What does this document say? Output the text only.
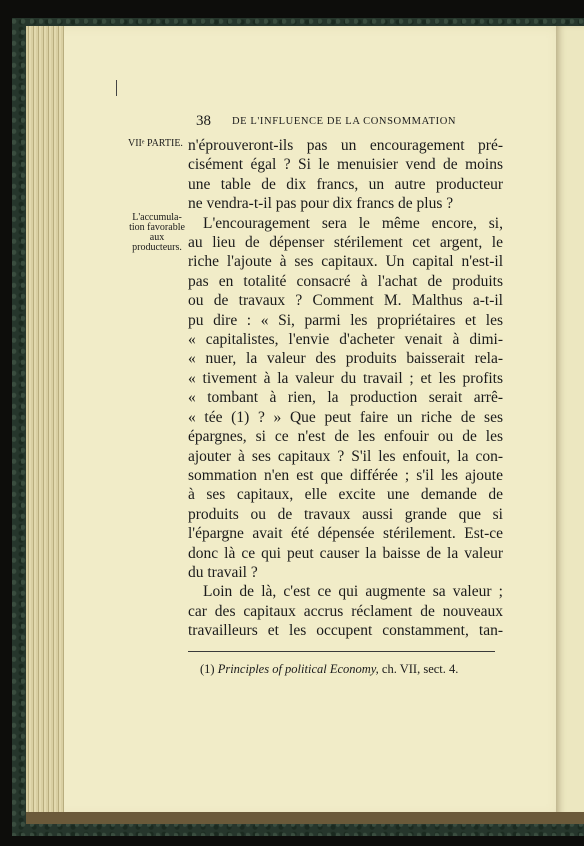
38 DE L'INFLUENCE DE LA CONSOMMATION
VIIᵉ PARTIE.
L'accumula-
tion favorable
aux
producteurs.
n'éprouveront-ils pas un encouragement pré-
cisément égal ? Si le menuisier vend de moins
une table de dix francs, un autre producteur
ne vendra-t-il pas pour dix francs de plus ?
L'encouragement sera le même encore, si,
au lieu de dépenser stérilement cet argent, le
riche l'ajoute à ses capitaux. Un capital n'est-il
pas en totalité consacré à l'achat de produits
ou de travaux ? Comment M. Malthus a-t-il
pu dire : « Si, parmi les propriétaires et les
« capitalistes, l'envie d'acheter venait à dimi-
« nuer, la valeur des produits baisserait rela-
« tivement à la valeur du travail ; et les profits
« tombant à rien, la production serait arrê-
« tée (1) ? » Que peut faire un riche de ses
épargnes, si ce n'est de les enfouir ou de les
ajouter à ses capitaux ? S'il les enfouit, la con-
sommation n'en est que différée ; s'il les ajoute
à ses capitaux, elle excite une demande de
produits ou de travaux aussi grande que si
l'épargne avait été dépensée stérilement. Est-ce
donc là ce qui peut causer la baisse de la valeur
du travail ?
Loin de là, c'est ce qui augmente sa valeur ;
car des capitaux accrus réclament de nouveaux
travailleurs et les occupent constamment, tan-
(1) Principles of political Economy, ch. VII, sect. 4.
